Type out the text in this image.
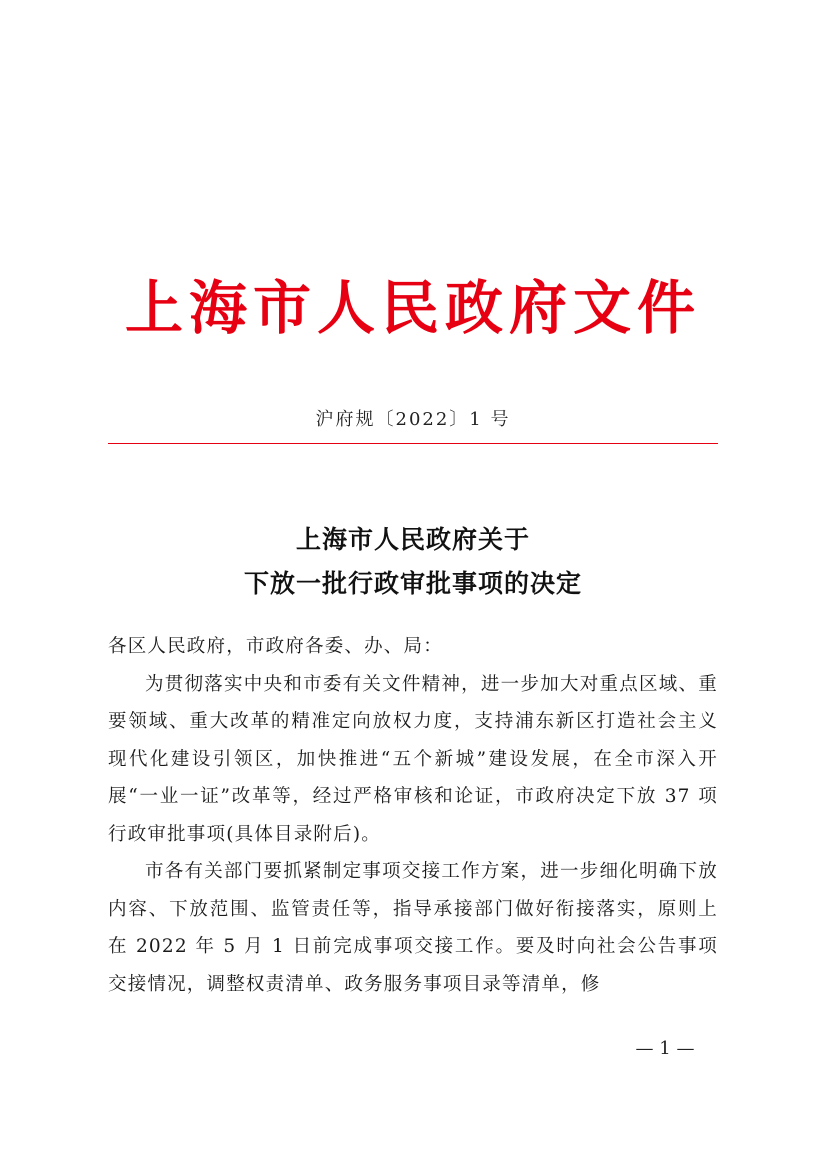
上海市人民政府文件
沪府规〔2022〕1 号
上海市人民政府关于
下放一批行政审批事项的决定

各区人民政府，市政府各委、办、局：

为贯彻落实中央和市委有关文件精神，进一步加大对重点区域、重要领域、重大改革的精准定向放权力度，支持浦东新区打造社会主义现代化建设引领区，加快推进“五个新城”建设发展，在全市深入开展“一业一证”改革等，经过严格审核和论证，市政府决定下放 37 项行政审批事项(具体目录附后)。

市各有关部门要抓紧制定事项交接工作方案，进一步细化明确下放内容、下放范围、监管责任等，指导承接部门做好衔接落实，原则上在 2022 年 5 月 1 日前完成事项交接工作。要及时向社会公告事项交接情况，调整权责清单、政务服务事项目录等清单，修

— 1 —
